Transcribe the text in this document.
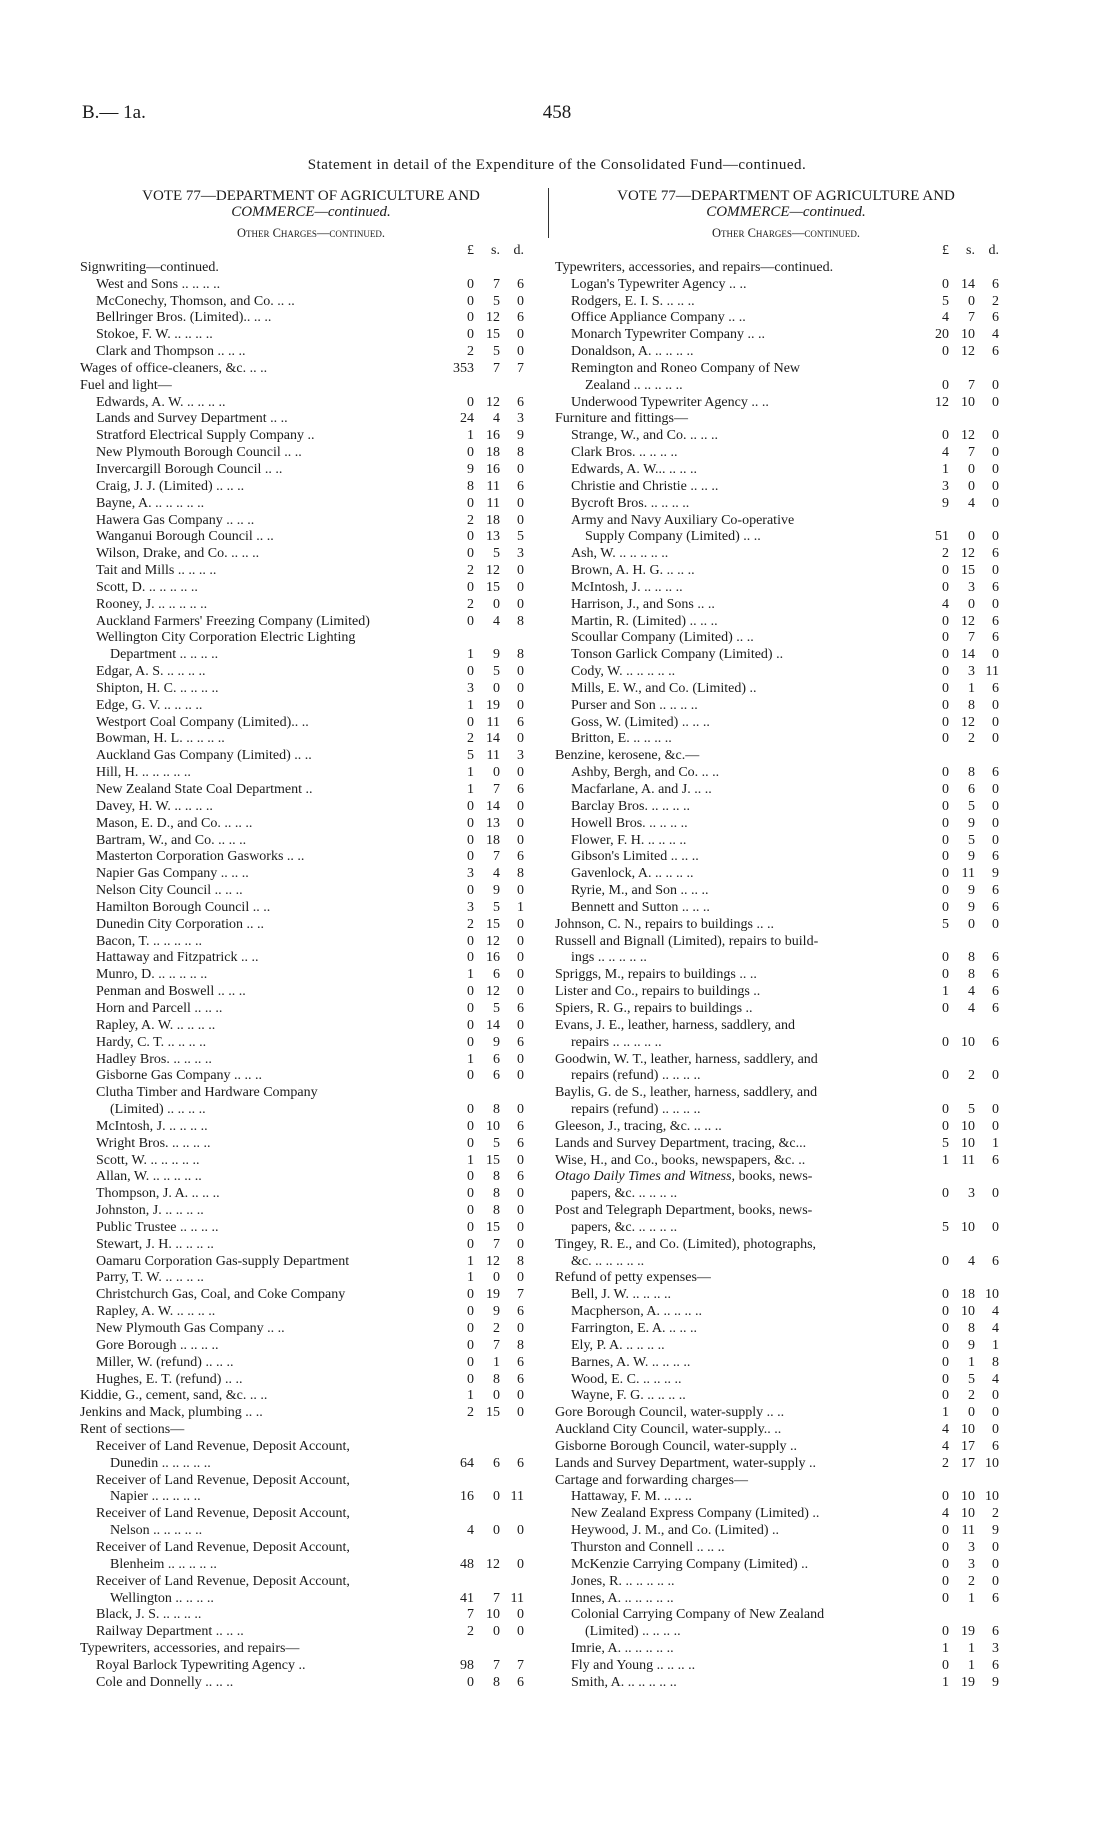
B.— 1a.	458
Statement in detail of the Expenditure of the Consolidated Fund—continued.
VOTE 77—DEPARTMENT OF AGRICULTURE AND
COMMERCE—continued.
Other Charges—continued.
£	s. d.
Signwriting—continued.
West and Sons .. .. .. ..	0	7	6
McConechy, Thomson, and Co. .. ..	0	5	0
Bellringer Bros. (Limited).. .. ..	0 12	6
Stokoe, F. W. .. .. .. ..	0 15	0
Clark and Thompson .. .. ..	2	5	0
Wages of office-cleaners, &c. .. ..	353	7	7
Fuel and light—
Edwards, A. W. .. .. .. ..	0 12	6
Lands and Survey Department .. ..	24	4	3
Stratford Electrical Supply Company ..	1 16	9
New Plymouth Borough Council .. ..	0 18	8
Invercargill Borough Council .. ..	9 16	0
Craig, J. J. (Limited) .. .. ..	8 11	6
Bayne, A. .. .. .. .. ..	0 11	0
Hawera Gas Company .. .. ..	2 18	0
Wanganui Borough Council .. ..	0 13	5
Wilson, Drake, and Co. .. .. ..	0	5	3
Tait and Mills .. .. .. ..	2 12	0
Scott, D. .. .. .. .. ..	0 15	0
Rooney, J. .. .. .. .. ..	2	0	0
Auckland Farmers' Freezing Company (Limited)	0	4	8
Wellington City Corporation Electric Lighting
Department .. .. .. ..	1	9	8
Edgar, A. S. .. .. .. ..	0	5	0
Shipton, H. C. .. .. .. ..	3	0	0
Edge, G. V. .. .. .. ..	1 19	0
Westport Coal Company (Limited).. ..	0 11	6
Bowman, H. L. .. .. .. ..	2 14	0
Auckland Gas Company (Limited) .. ..	5 11	3
Hill, H. .. .. .. .. ..	1	0	0
New Zealand State Coal Department ..	1	7	6
Davey, H. W. .. .. .. ..	0 14	0
Mason, E. D., and Co. .. .. ..	0 13	0
Bartram, W., and Co. .. .. ..	0 18	0
Masterton Corporation Gasworks .. ..	0	7	6
Napier Gas Company .. .. ..	3	4	8
Nelson City Council .. .. ..	0	9	0
Hamilton Borough Council .. ..	3	5	1
Dunedin City Corporation .. ..	2 15	0
Bacon, T. .. .. .. .. ..	0 12	0
Hattaway and Fitzpatrick .. ..	0 16	0
Munro, D. .. .. .. .. ..	1	6	0
Penman and Boswell .. .. ..	0 12	0
Horn and Parcell .. .. ..	0	5	6
Rapley, A. W. .. .. .. ..	0 14	0
Hardy, C. T. .. .. .. ..	0	9	6
Hadley Bros. .. .. .. ..	1	6	0
Gisborne Gas Company .. .. ..	0	6	0
Clutha Timber and Hardware Company
(Limited) .. .. .. ..	0	8	0
McIntosh, J. .. .. .. ..	0 10	6
Wright Bros. .. .. .. ..	0	5	6
Scott, W. .. .. .. .. ..	1 15	0
Allan, W. .. .. .. .. ..	0	8	6
Thompson, J. A. .. .. ..	0	8	0
Johnston, J. .. .. .. ..	0	8	0
Public Trustee .. .. .. ..	0 15	0
Stewart, J. H. .. .. .. ..	0	7	0
Oamaru Corporation Gas-supply Department	1 12	8
Parry, T. W. .. .. .. ..	1	0	0
Christchurch Gas, Coal, and Coke Company	0 19	7
Rapley, A. W. .. .. .. ..	0	9	6
New Plymouth Gas Company .. ..	0	2	0
Gore Borough .. .. .. ..	0	7	8
Miller, W. (refund) .. .. ..	0	1	6
Hughes, E. T. (refund) .. ..	0	8	6
Kiddie, G., cement, sand, &c. .. ..	1	0	0
Jenkins and Mack, plumbing .. ..	2 15	0
Rent of sections—
Receiver of Land Revenue, Deposit Account,
Dunedin .. .. .. .. ..	64	6	6
Receiver of Land Revenue, Deposit Account,
Napier .. .. .. .. ..	16	0 11
Receiver of Land Revenue, Deposit Account,
Nelson .. .. .. .. ..	4	0	0
Receiver of Land Revenue, Deposit Account,
Blenheim .. .. .. .. ..	48 12	0
Receiver of Land Revenue, Deposit Account,
Wellington .. .. .. ..	41	7 11
Black, J. S. .. .. .. ..	7 10	0
Railway Department .. .. ..	2	0	0
Typewriters, accessories, and repairs—
Royal Barlock Typewriting Agency ..	98	7	7
Cole and Donnelly .. .. ..	0	8	6
VOTE 77—DEPARTMENT OF AGRICULTURE AND
COMMERCE—continued.
Other Charges—continued.
£	s. d.
Typewriters, accessories, and repairs—continued.
Logan's Typewriter Agency .. ..	0 14	6
Rodgers, E. I. S. .. .. ..	5	0	2
Office Appliance Company .. ..	4	7	6
Monarch Typewriter Company .. ..	20 10	4
Donaldson, A. .. .. .. ..	0 12	6
Remington and Roneo Company of New
Zealand .. .. .. .. ..	0	7	0
Underwood Typewriter Agency .. ..	12 10	0
Furniture and fittings—
Strange, W., and Co. .. .. ..	0 12	0
Clark Bros. .. .. .. ..	4	7	0
Edwards, A. W... .. .. ..	1	0	0
Christie and Christie .. .. ..	3	0	0
Bycroft Bros. .. .. .. ..	9	4	0
Army and Navy Auxiliary Co-operative
Supply Company (Limited) .. ..	51	0	0
Ash, W. .. .. .. .. ..	2 12	6
Brown, A. H. G. .. .. ..	0 15	0
McIntosh, J. .. .. .. ..	0	3	6
Harrison, J., and Sons .. ..	4	0	0
Martin, R. (Limited) .. .. ..	0 12	6
Scoullar Company (Limited) .. ..	0	7	6
Tonson Garlick Company (Limited) ..	0 14	0
Cody, W. .. .. .. .. ..	0	3 11
Mills, E. W., and Co. (Limited) ..	0	1	6
Purser and Son .. .. .. ..	0	8	0
Goss, W. (Limited) .. .. ..	0 12	0
Britton, E. .. .. .. ..	0	2	0
Benzine, kerosene, &c.—
Ashby, Bergh, and Co. .. ..	0	8	6
Macfarlane, A. and J. .. ..	0	6	0
Barclay Bros. .. .. .. ..	0	5	0
Howell Bros. .. .. .. ..	0	9	0
Flower, F. H. .. .. .. ..	0	5	0
Gibson's Limited .. .. ..	0	9	6
Gavenlock, A. .. .. .. ..	0 11	9
Ryrie, M., and Son .. .. ..	0	9	6
Bennett and Sutton .. .. ..	0	9	6
Johnson, C. N., repairs to buildings .. ..	5	0	0
Russell and Bignall (Limited), repairs to build-
ings .. .. .. .. ..	0	8	6
Spriggs, M., repairs to buildings .. ..	0	8	6
Lister and Co., repairs to buildings ..	1	4	6
Spiers, R. G., repairs to buildings ..	0	4	6
Evans, J. E., leather, harness, saddlery, and
repairs .. .. .. .. ..	0 10	6
Goodwin, W. T., leather, harness, saddlery, and
repairs (refund) .. .. .. ..	0	2	0
Baylis, G. de S., leather, harness, saddlery, and
repairs (refund) .. .. .. ..	0	5	0
Gleeson, J., tracing, &c. .. .. ..	0 10	0
Lands and Survey Department, tracing, &c...	5 10	1
Wise, H., and Co., books, newspapers, &c. ..	1 11	6
Otago Daily Times and Witness, books, news-
papers, &c. .. .. .. ..	0	3	0
Post and Telegraph Department, books, news-
papers, &c. .. .. .. ..	5 10	0
Tingey, R. E., and Co. (Limited), photographs,
&c. .. .. .. .. ..	0	4	6
Refund of petty expenses—
Bell, J. W. .. .. .. ..	0 18 10
Macpherson, A. .. .. .. ..	0 10	4
Farrington, E. A. .. .. ..	0	8	4
Ely, P. A. .. .. .. ..	0	9	1
Barnes, A. W. .. .. .. ..	0	1	8
Wood, E. C. .. .. .. ..	0	5	4
Wayne, F. G. .. .. .. ..	0	2	0
Gore Borough Council, water-supply .. ..	1	0	0
Auckland City Council, water-supply.. ..	4 10	0
Gisborne Borough Council, water-supply ..	4 17	6
Lands and Survey Department, water-supply ..	2 17 10
Cartage and forwarding charges—
Hattaway, F. M. .. .. ..	0 10 10
New Zealand Express Company (Limited) ..	4 10	2
Heywood, J. M., and Co. (Limited) ..	0 11	9
Thurston and Connell .. .. ..	0	3	0
McKenzie Carrying Company (Limited) ..	0	3	0
Jones, R. .. .. .. .. ..	0	2	0
Innes, A. .. .. .. .. ..	0	1	6
Colonial Carrying Company of New Zealand
(Limited) .. .. .. ..	0 19	6
Imrie, A. .. .. .. .. ..	1	1	3
Fly and Young .. .. .. ..	0	1	6
Smith, A. .. .. .. .. ..	1 19	9
